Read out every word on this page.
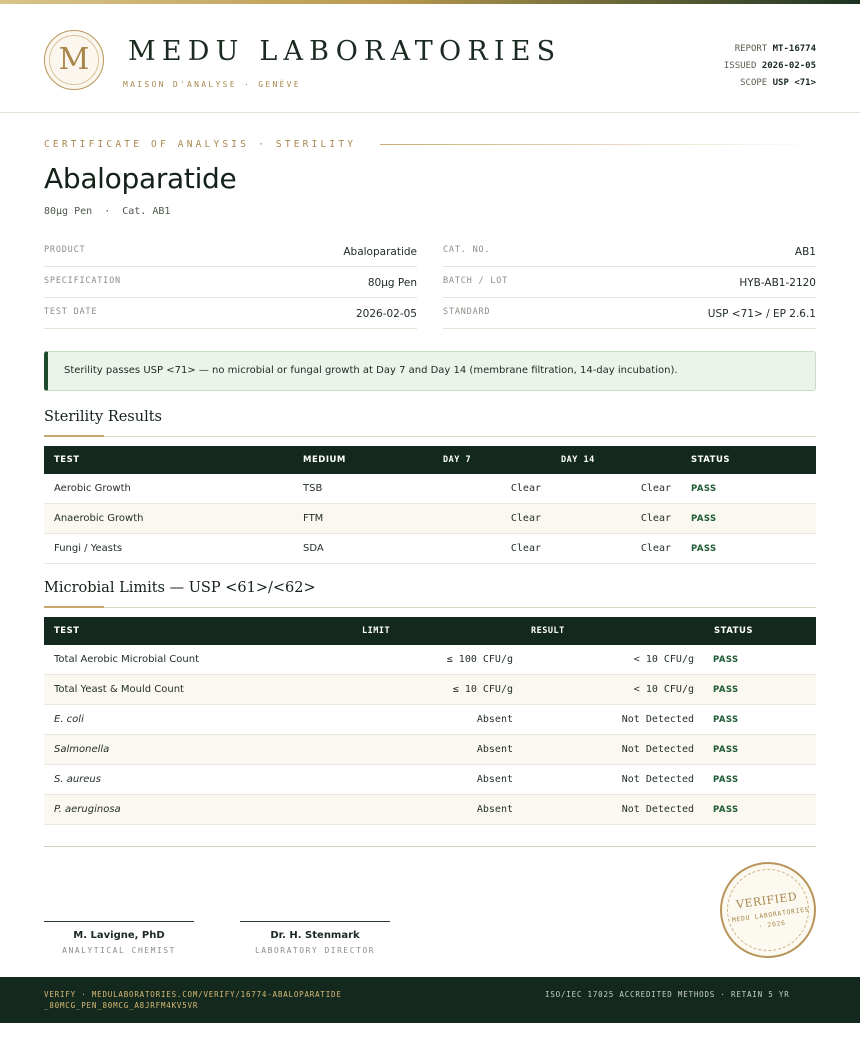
M	MEDU LABORATORIES
MAISON D'ANALYSE · GENÈVE
REPORT MT-16774
ISSUED 2026-02-05
SCOPE USP <71>
CERTIFICATE OF ANALYSIS · STERILITY
Abaloparatide
80μg Pen  ·  Cat. AB1
PRODUCT	Abaloparatide
SPECIFICATION	80μg Pen
TEST DATE	2026-02-05
CAT. NO.	AB1
BATCH / LOT	HYB-AB1-2120
STANDARD	USP <71> / EP 2.6.1
Sterility passes USP <71> — no microbial or fungal growth at Day 7 and Day 14 (membrane filtration, 14-day incubation).
Sterility Results
TEST	MEDIUM	DAY 7	DAY 14	STATUS
Aerobic Growth	TSB	Clear	Clear PASS
Anaerobic Growth	FTM	Clear	Clear PASS
Fungi / Yeasts	SDA	Clear	Clear PASS
Microbial Limits — USP <61>/<62>
TEST	LIMIT	RESULT	STATUS
Total Aerobic Microbial Count	≤ 100 CFU/g	< 10 CFU/g PASS
Total Yeast & Mould Count	≤ 10 CFU/g	< 10 CFU/g PASS
E. coli	Absent	Not Detected PASS
Salmonella	Absent	Not Detected PASS
S. aureus	Absent	Not Detected PASS
P. aeruginosa	Absent	Not Detected PASS
M. Lavigne, PhD
ANALYTICAL CHEMIST
Dr. H. Stenmark
LABORATORY DIRECTOR
VERIFIED
MEDU LABORATORIES · 2026
VERIFY · MEDULABORATORIES.COM/VERIFY/16774-ABALOPARATIDE_80MCG_PEN_80MCG_A8JRFM4KV5VR
ISO/IEC 17025 ACCREDITED METHODS · RETAIN 5 YR
